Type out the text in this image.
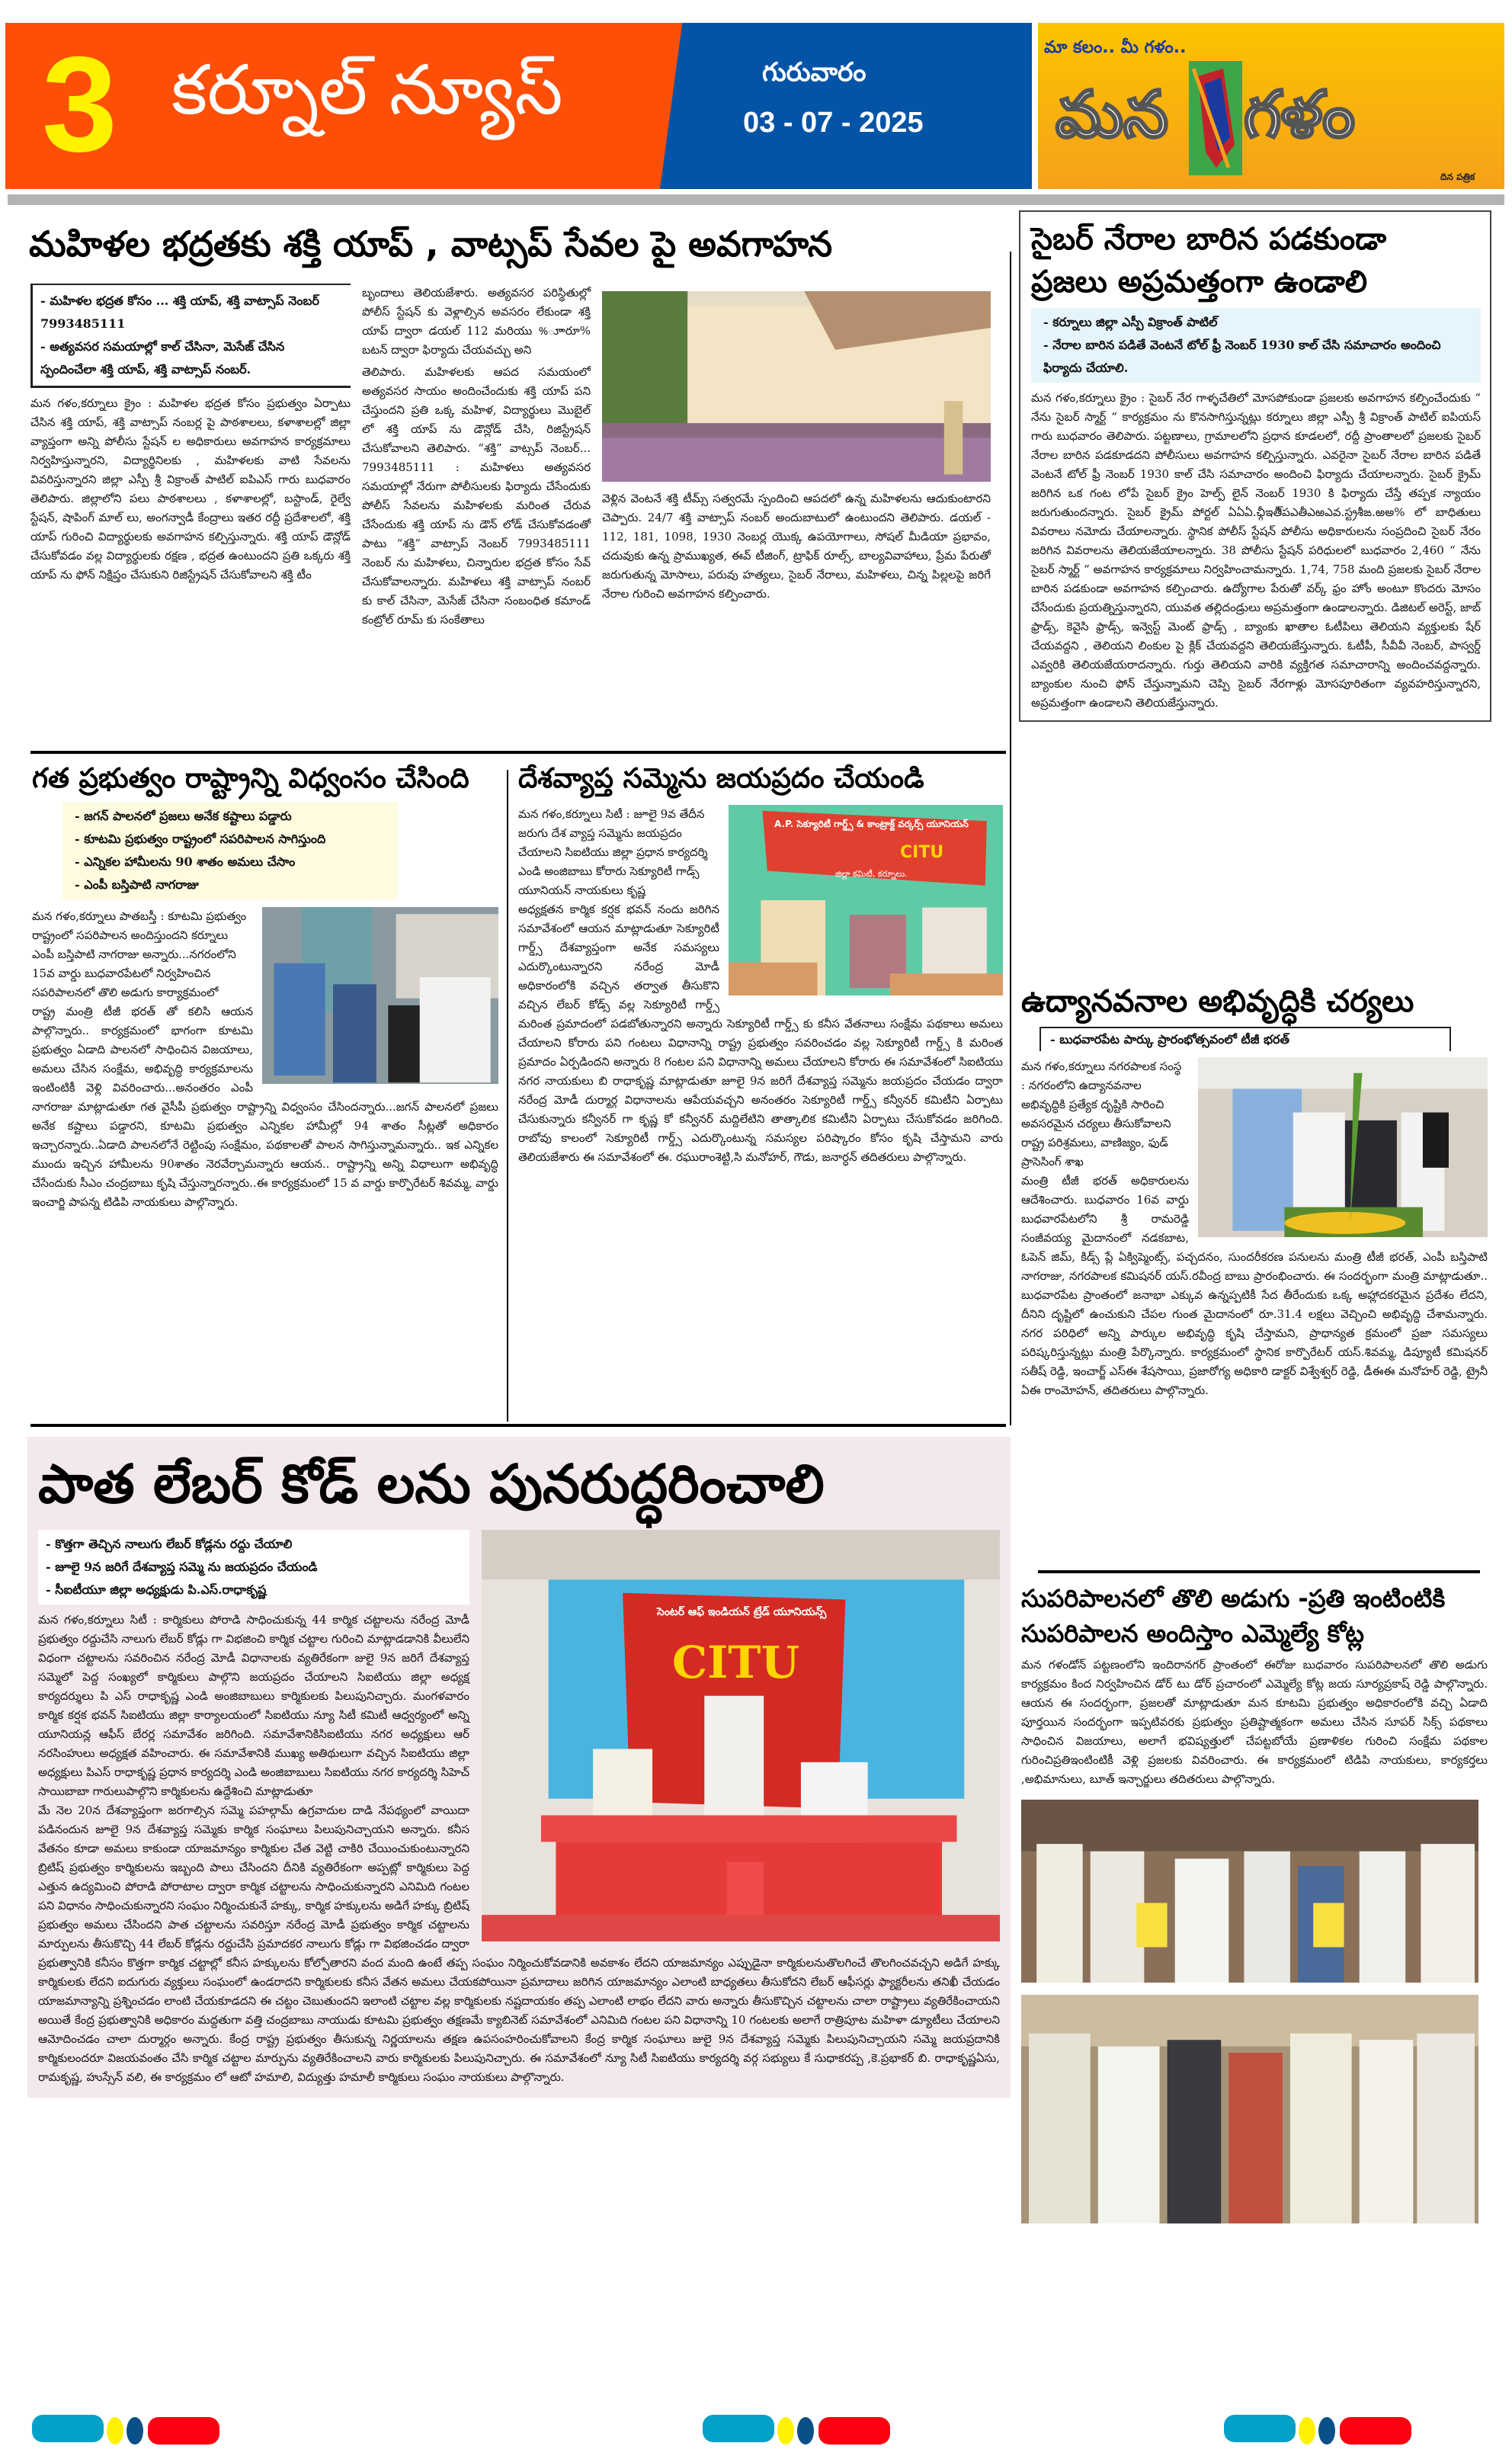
3 కర్నూల్ న్యూస్	గురువారం
03 - 07 - 2025
మా కలం.. మీ గళం..
మన గళం
దిన పత్రిక
మహిళల భద్రతకు శక్తి యాప్ , వాట్సప్ సేవల పై అవగాహన
- మహిళల భద్రత కోసం ... శక్తి యాప్, శక్తి వాట్సాప్ నెంబర్ 7993485111
- అత్యవసర సమయాల్లో కాల్ చేసినా, మెసేజ్ చేసిన స్పందించేలా శక్తి యాప్, శక్తి వాట్సాప్ నంబర్.
మన గళం,కర్నూలు క్రైం : మహిళల భద్రత కోసం ప్రభుత్వం ఏర్పాటు చేసిన శక్తి యాప్, శక్తి వాట్సాప్ నంబర్ల పై పాఠశాలలు, కళాశాలల్లో జిల్లా వ్యాప్తంగా అన్ని పోలీసు స్టేషన్ ల అధికారులు అవగాహన కార్యక్రమాలు నిర్వహిస్తున్నారని, విద్యార్థినిలకు , మహిళలకు వాటి సేవలను వివరిస్తున్నారని జిల్లా ఎస్పీ శ్రీ విక్రాంత్ పాటిల్ ఐపిఎస్ గారు బుధవారం తెలిపారు. జిల్లాలోని పలు పాఠశాలలు , కళాశాలల్లో, బస్టాండ్, రైల్వే స్టేషన్, షాపింగ్ మాల్ లు, అంగన్వాడీ కేంద్రాలు ఇతర రద్దీ ప్రదేశాలలో, శక్తి యాప్ గురించి విద్యార్థులకు అవగాహన కల్పిస్తున్నారు. శక్తి యాప్ డౌన్లోడ్ చేసుకోవడం వల్ల విద్యార్థులకు రక్షణ , భద్రత ఉంటుందని ప్రతి ఒక్కరు శక్తి యాప్ ను ఫోన్ నిక్షిప్తం చేసుకుని రిజిస్ట్రేషన్ చేసుకోవాలని శక్తి టీం
బృందాలు తెలియజేశారు. అత్యవసర పరిస్థితుల్లో పోలీస్ స్టేషన్ కు వెళ్లాల్సిన అవసరం లేకుండా శక్తి యాప్ ద్వారా డయల్ 112 మరియు %ూారూ% బటన్ ద్వారా ఫిర్యాదు చేయవచ్చు అని
తెలిపారు. మహిళలకు ఆపద సమయంలో అత్యవసర సాయం అందించేందుకు శక్తి యాప్ పని చేస్తుందని ప్రతి ఒక్క మహిళ, విద్యార్థులు మొబైల్ లో శక్తి యాప్ ను డౌన్లోడ్ చేసి, రిజిస్ట్రేషన్ చేసుకోవాలని తెలిపారు. “శక్తి” వాట్సప్ నెంబర్... 7993485111 : మహిళలు అత్యవసర సమయాల్లో నేరుగా పోలీసులకు ఫిర్యాదు చేసేందుకు పోలీస్ సేవలను మహిళలకు మరింత చేరువ చేసేందుకు శక్తి యాప్ ను డౌన్ లోడ్ చేసుకోవడంతో పాటు “శక్తి” వాట్సాప్ నెంబర్ 7993485111 నెంబర్ ను మహిళలు, చిన్నారుల భద్రత కోసం సేవ్ చేసుకోవాలన్నారు. మహిళలు శక్తి వాట్సాప్ నంబర్ కు కాల్ చేసినా, మెసేజ్ చేసినా సంబంధిత కమాండ్ కంట్రోల్ రూమ్ కు సంకేతాలు
వెళ్లిన వెంటనే శక్తి టీమ్స్ సత్వరమే స్పందించి ఆపదలో ఉన్న మహిళలను ఆదుకుంటారని చెప్పారు. 24/7 శక్తి వాట్సాప్ నంబర్ అందుబాటులో ఉంటుందని తెలిపారు. డయల్ - 112, 181, 1098, 1930 నెంబర్ల యొక్క ఉపయోగాలు, సోషల్ మీడియా ప్రభావం, చదువుకు ఉన్న ప్రాముఖ్యత, ఈవ్ టీజింగ్, ట్రాఫిక్ రూల్స్, బాల్యవివాహాలు, ప్రేమ పేరుతో జరుగుతున్న మోసాలు, పరువు హత్యలు, సైబర్ నేరాలు, మహిళలు, చిన్న పిల్లలపై జరిగే నేరాల గురించి అవగాహన కల్పించారు.
సైబర్ నేరాల బారిన పడకుండా
ప్రజలు అప్రమత్తంగా ఉండాలి
- కర్నూలు జిల్లా ఎస్పీ విక్రాంత్ పాటిల్
- నేరాల బారిన పడితే వెంటనే టోల్ ఫ్రీ నెంబర్ 1930 కాల్ చేసి సమాచారం అందించి ఫిర్యాదు చేయాలి.
మన గళం,కర్నూలు క్రైం : సైబర్ నేర గాళ్ళచేతిలో మోసపోకుండా ప్రజలకు అవగాహన కల్పించేందుకు “ నేను సైబర్ స్మార్ట్ “ కార్యక్రమం ను కొనసాగిస్తున్నట్లు కర్నూలు జిల్లా ఎస్పీ శ్రీ విక్రాంత్ పాటిల్ ఐపియస్ గారు బుధవారం తెలిపారు. పట్టణాలు, గ్రామాలలోని ప్రధాన కూడలలో, రద్దీ ప్రాంతాలలో ప్రజలకు సైబర్ నేరాల బారిన పడకూడదని పోలీసులు అవగాహన కల్పిస్తున్నారు. ఎవరైనా సైబర్ నేరాల బారిన పడితే వెంటనే టోల్ ఫ్రీ నెంబర్ 1930 కాల్ చేసి సమాచారం అందించి ఫిర్యాదు చేయాలన్నారు. సైబర్ క్రైమ్ జరిగిన ఒక గంట లోపే సైబర్ క్రైం హెల్ప్ లైన్ నెంబర్ 1930 కి ఫిర్యాదు చేస్తే తప్పక న్యాయం జరుగుతుందన్నారు. సైబర్ క్రైమ్ పోర్టల్ ఏఏఏ.ఛ్గీఇతీ్పఎతీఎఱఎవ.స్ట్రశీఙ.ఱఅ% లో బాధితులు వివరాలు నమోదు చేయాలన్నారు. స్థానిక పోలీస్ స్టేషన్ పోలీసు అధికారులను సంప్రదించి సైబర్ నేరం జరిగిన వివరాలను తెలియజేయాలన్నారు. 38 పోలీసు స్టేషన్ పరిధులలో బుధవారం 2,460 “ నేను సైబర్ స్మార్ట్ “ అవగాహన కార్యక్రమాలు నిర్వహించామన్నారు. 1,74, 758 మంది ప్రజలకు సైబర్ నేరాల బారిన పడకుండా అవగాహన కల్పించారు. ఉద్యోగాల పేరుతో వర్క్ ఫ్రం హోం అంటూ కొందరు మోసం చేసేందుకు ప్రయత్నిస్తున్నారని, యువత తల్లిదండ్రులు అప్రమత్తంగా ఉండాలన్నారు. డిజిటల్ అరెస్ట్, జాబ్ ఫ్రాడ్స్, కెవైసి ఫ్రాడ్స్, ఇన్వెస్ట్ మెంట్ ఫ్రాడ్స్ , బ్యాంకు ఖాతాల ఓటీపిలు తెలియని వ్యక్తులకు షేర్ చేయవద్దని , తెలియని లింకుల పై క్లిక్ చేయవద్దని తెలియజేస్తున్నారు. ఓటీపీ, సీవీవీ నెంబర్, పాస్వర్డ్ ఎవ్వరికి తెలియజేయరాదన్నారు. గుర్తు తెలియని వారికి వ్యక్తిగత సమాచారాన్ని అందించవద్దన్నారు. బ్యాంకుల నుంచి ఫోన్ చేస్తున్నామని చెప్పి సైబర్ నేరగాళ్లు మోసపూరితంగా వ్యవహరిస్తున్నారని, అప్రమత్తంగా ఉండాలని తెలియజేస్తున్నారు.
గత ప్రభుత్వం రాష్ట్రాన్ని విధ్వంసం చేసింది
- జగన్ పాలనలో ప్రజలు అనేక కష్టాలు పడ్డారు
- కూటమి ప్రభుత్వం రాష్ట్రంలో సపరిపాలన సాగిస్తుంది
- ఎన్నికల హామీలను 90 శాతం అమలు చేసాం
- ఎంపీ బస్తిపాటి నాగరాజు
మన గళం,కర్నూలు పాతబస్తీ : కూటమి ప్రభుత్వం రాష్ట్రంలో సపరిపాలన అందిస్తుందని కర్నూలు ఎంపీ బస్తిపాటి నాగరాజు అన్నారు...నగరంలోని 15వ వార్డు బుధవారపేటలో నిర్వహించిన సపరిపాలనలో తొలి అడుగు కార్యాక్రమంలో
రాష్ట్ర మంత్రి టీజీ భరత్ తో కలిసి ఆయన పాల్గొన్నారు.. కార్యక్రమంలో భాగంగా కూటమి ప్రభుత్వం ఏడాది పాలనలో సాధించిన విజయాలు, అమలు చేసిన సంక్షేమ, అభివృద్ధి కార్యక్రమాలను ఇంటింటికీ వెళ్లి వివరించారు...అనంతరం ఎంపీ నాగరాజు మాట్లాడుతూ గత వైసీపీ ప్రభుత్వం రాష్ట్రాన్ని విధ్వంసం చేసిందన్నారు...జగన్ పాలనలో ప్రజలు అనేక కష్టాలు పడ్డారని, కూటమి ప్రభుత్వం ఎన్నికల హామీల్లో 94 శాతం సీట్లతో అధికారం ఇచ్చారన్నారు..ఏడాది పాలనలోనే రెట్టింపు సంక్షేమం, పథకాలతో పాలన సాగిస్తున్నామన్నారు.. ఇక ఎన్నికల ముందు ఇచ్చిన హామీలను 90శాతం నెరవేర్చామన్నారు ఆయన.. రాష్ట్రాన్ని అన్ని విధాలుగా అభివృద్ధి చేసేందుకు సీఎం చంద్రబాబు కృషి చేస్తున్నారన్నారు..ఈ కార్యక్రమంలో 15 వ వార్డు కార్పొరేటర్ శివమ్మ, వార్డు ఇంచార్జి పాపన్న టిడిపి నాయకులు పాల్గొన్నారు.
దేశవ్యాప్త సమ్మెను జయప్రదం చేయండి
A.P. సెక్యూరిటీ గార్డ్స్ & కాంట్రాక్ట్ వర్కర్స్ యూనియన్
CITU
జిల్లా కమిటీ, కర్నూలు.
మన గళం,కర్నూలు సిటీ : జూలై 9వ తేదీన జరుగు దేశ వ్యాప్త సమ్మెను జయప్రదం చేయాలని సిఐటియు జిల్లా ప్రధాన కార్యదర్శి ఎండి అంజిబాబు కోరారు సెక్యూరిటీ గాడ్స్ యూనియన్ నాయకులు కృష్ణ
అధ్యక్షతన కార్మిక కర్షక భవన్ నందు జరిగిన సమావేశంలో ఆయన మాట్లాడుతూ సెక్యూరిటీ గార్డ్స్ దేశవ్యాప్తంగా అనేక సమస్యలు ఎదుర్కొంటున్నారని నరేంద్ర మోడీ అధికారంలోకి వచ్చిన తర్వాత తీసుకొని వచ్చిన లేబర్ కోడ్స్ వల్ల సెక్యూరిటీ గార్డ్స్ మరింత ప్రమాదంలో పడబోతున్నారని అన్నారు సెక్యూరిటీ గార్డ్స్ కు కనీస వేతనాలు సంక్షేమ పథకాలు అమలు చేయాలని కోరారు పని గంటలు విధానాన్ని రాష్ట్ర ప్రభుత్వం సవరించడం వల్ల సెక్యూరిటీ గార్డ్స్ కి మరింత ప్రమాదం ఏర్పడిందని అన్నారు 8 గంటల పని విధానాన్ని అమలు చేయాలని కోరారు ఈ సమావేశంలో సిఐటియు నగర నాయకులు బి రాధాకృష్ణ మాట్లాడుతూ జూలై 9న జరిగే దేశవ్యాప్త సమ్మెను జయప్రదం చేయడం ద్వారా నరేంద్ర మోడీ దుర్మార్గ విధానాలను ఆపేయవచ్చని అనంతరం సెక్యూరిటీ గార్డ్స్ కన్వీనర్ కమిటీని ఏర్పాటు చేసుకున్నారు కన్వీనర్ గా కృష్ణ కో కన్వీనర్ మద్దిలేటిని తాత్కాలిక కమిటీని ఏర్పాటు చేసుకోవడం జరిగింది. రాబోవు కాలంలో సెక్యూరిటీ గార్డ్స్ ఎదుర్కొంటున్న సమస్యల పరిష్కారం కోసం కృషి చేస్తామని వారు తెలియజేశారు ఈ సమావేశంలో ఈ. రఘురాంశెట్టి,సి మనోహర్, గౌడు, జనార్ధన్ తదితరులు పాల్గొన్నారు.
ఉద్యానవనాల అభివృద్ధికి చర్యలు
- బుధవారపేట పార్కు ప్రారంభోత్సవంలో టీజీ భరత్
మన గళం,కర్నూలు నగరపాలక సంస్థ : నగరంలోని ఉద్యానవనాల అభివృద్ధికి ప్రత్యేక దృష్టికి సారించి అవసరమైన చర్యలు తీసుకోవాలని రాష్ట్ర పరిశ్రమలు, వాణిజ్యం, ఫుడ్ ప్రాసెసింగ్ శాఖ
మంత్రి టీజీ భరత్ అధికారులను ఆదేశించారు. బుధవారం 16వ వార్డు బుధవారపేటలోని శ్రీ రామరెడ్డి సంజీవయ్య మైదానంలో నడకబాట, ఓపెన్ జిమ్, కిడ్స్ ప్లే ఏక్విప్మెంట్స్, పచ్చదనం, సుందరీకరణ పనులను మంత్రి టీజీ భరత్, ఎంపీ బస్తిపాటి నాగరాజు, నగరపాలక కమిషనర్ యస్.రవీంద్ర బాబు ప్రారంభించారు. ఈ సందర్భంగా మంత్రి మాట్లాడుతూ.. బుధవారపేట ప్రాంతంలో జనాభా ఎక్కువ ఉన్నప్పటికీ సేద తీరేందుకు ఒక్క అహ్లాదకరమైన ప్రదేశం లేదని, దీనిని దృష్టిలో ఉంచుకుని చేపల గుంత మైదానంలో రూ.31.4 లక్షలు వెచ్చించి అభివృద్ధి చేశామన్నారు. నగర పరిధిలో అన్ని పార్కుల అభివృద్ధి కృషి చేస్తామని, ప్రాధాన్యత క్రమంలో ప్రజా సమస్యలు పరిష్కరిస్తున్నట్లు మంత్రి పేర్కొన్నారు. కార్యక్రమంలో స్థానిక కార్పొరేటర్ యస్.శివమ్మ, డిప్యూటీ కమిషనర్ సతీష్ రెడ్డి, ఇంచార్జ్ ఎస్ఈ శేషసాయి, ప్రజారోగ్య అధికారి డాక్టర్ విశ్వేశ్వర్ రెడ్డి, డీఈఈ మనోహర్ రెడ్డి, ట్రైనీ ఏఈ రాంమోహన్, తదితరులు పాల్గొన్నారు.
పాత లేబర్ కోడ్ లను పునరుద్ధరించాలి
సెంటర్ ఆఫ్ ఇండియన్ ట్రేడ్ యూనియన్స్
CITU
- కొత్తగా తెచ్చిన నాలుగు లేబర్ కోడ్లను రద్దు చేయాలి
- జూలై 9న జరిగే దేశవ్యాప్త సమ్మె ను జయప్రదం చేయండి
- సీఐటీయూ జిల్లా అధ్యక్షుడు పి.ఎస్.రాధాకృష్ణ
మన గళం,కర్నూలు సిటీ : కార్మికులు పోరాడి సాధించుకున్న 44 కార్మిక చట్టాలను నరేంద్ర మోడీ ప్రభుత్వం రద్దుచేసి నాలుగు లేబర్ కోడ్లు గా విభజించి కార్మిక చట్టాల గురించి మాట్లాడడానికి వీలులేని విధంగా చట్టాలను సవరించిన నరేంద్ర మోడీ విధానాలకు వ్యతిరేకంగా జులై 9న జరిగే దేశవ్యాప్త సమ్మెలో పెద్ద సంఖ్యలో కార్మికులు పాల్గొని జయప్రదం చేయాలని సిఐటియు జిల్లా అధ్యక్ష కార్యదర్శులు పి ఎస్ రాధాకృష్ణ ఎండి అంజిబాబులు కార్మికులకు పిలుపునిచ్చారు. మంగళవారం కార్మిక కర్షక భవన్ సిఐటియు జిల్లా కార్యాలయంలో సిఐటియు న్యూ సిటీ కమిటీ ఆధ్వర్యంలో అన్ని యూనియన్ల ఆఫీస్ బేరర్ల సమావేశం జరిగింది. సమావేశానికిసిఐటియు నగర అధ్యక్షులు ఆర్ నరసింహులు అధ్యక్షత వహించారు. ఈ సమావేశానికి ముఖ్య అతిథులుగా వచ్చిన సిఐటియు జిల్లా అధ్యక్షులు పిఎస్ రాధాకృష్ణ ప్రధాన కార్యదర్శి ఎండి అంజిబాబులు సిఐటియు నగర కార్యదర్శి సిహెచ్ సాయిబాబా గారులుపాల్గొని కార్మికులను ఉద్దేశించి మాట్లాడుతూ
మే నెల 20న దేశవ్యాప్తంగా జరగాల్సిన సమ్మె పహల్గామ్ ఉగ్రవాదుల దాడి నేపథ్యంలో వాయిదా పడినందున జూలై 9న దేశవ్యాప్త సమ్మెకు కార్మిక సంఘాలు పిలుపునిచ్చాయని అన్నారు. కనీస వేతనం కూడా అమలు కాకుండా యాజమాన్యం కార్మికుల చేత వెట్టి చాకిరి చేయించుకుంటున్నారని బ్రిటిష్ ప్రభుత్వం కార్మికులను ఇబ్బంది పాలు చేసిందని దీనికి వ్యతిరేకంగా అప్పట్లో కార్మికులు పెద్ద ఎత్తున ఉద్యమించి పోరాడి పోరాటాల ద్వారా కార్మిక చట్టాలను సాధించుకున్నారని ఎనిమిది గంటల పని విధానం సాధించుకున్నారని సంఘం నిర్మించుకునే హక్కు, కార్మిక హక్కులను అడిగే హక్కు బ్రిటిష్ ప్రభుత్వం అమలు చేసిందని పాత చట్టాలను సవరిస్తూ నరేంద్ర మోడీ ప్రభుత్వం కార్మిక చట్టాలను మార్పులను తీసుకొచ్చి 44 లేబర్ కోడ్లను రద్దుచేసి ప్రమాదకర నాలుగు కోడ్లు గా విభజించడం ద్వారా ప్రభుత్వానికి కనీసం కొత్తగా కార్మిక చట్టాల్లో కనీస హక్కులను కోల్పోతారని వంద మంది ఉంటే తప్ప సంఘం నిర్మించుకోవడానికి అవకాశం లేదని యాజమాన్యం ఎప్పుడైనా కార్మికులనుతొలగించే తొలగించవచ్చని అడిగే హక్కు కార్మికులకు లేదని ఐదుగురు వ్యక్తులు సంఘంలో ఉండరాదని కార్మికులకు కనీస వేతన అమలు చేయకపోయినా ప్రమాదాలు జరిగిన యాజమాన్యం ఎలాంటి బాధ్యతలు తీసుకోదని లేబర్ ఆఫీసర్లు ఫ్యాక్టరీలను తనిఖీ చేయడం యాజమాన్యాన్ని ప్రశ్నించడం లాంటి చేయకూడదని ఈ చట్టం చెబుతుందని ఇలాంటి చట్టాల వల్ల కార్మికులకు నష్టదాయకం తప్ప ఎలాంటి లాభం లేదని వారు అన్నారు తీసుకొచ్చిన చట్టాలను చాలా రాష్ట్రాలు వ్యతిరేకించాయని అయితే కేంద్ర ప్రభుత్వానికి అధికారం మద్దతుగా వత్తి చంద్రబాబు నాయుడు కూటమి ప్రభుత్వం తక్షణమే క్యాబినెట్ సమావేశంలో ఎనిమిది గంటల పని విధానాన్ని 10 గంటలకు అలాగే రాత్రిపూట మహిళా డ్యూటీలు చేయాలని ఆమోదించడం చాలా దుర్మార్గం అన్నారు. కేంద్ర రాష్ట్ర ప్రభుత్వం తీసుకున్న నిర్ణయాలను తక్షణ ఉపసంహరించుకోవాలని కేంద్ర కార్మిక సంఘాలు జులై 9న దేశవ్యాప్త సమ్మెకు పిలుపునిచ్చాయని సమ్మె జయప్రదానికి కార్మికులందరూ విజయవంతం చేసి కార్మిక చట్టాల మార్పును వ్యతిరేకించాలని వారు కార్మికులకు పిలుపునిచ్చారు. ఈ సమావేశంలో న్యూ సిటీ సిఐటియు కార్యదర్శి వర్గ సభ్యులు కే సుధాకరప్ప ,కె.ప్రభాకర్ బి. రాధాకృష్ణఏసు, రామకృష్ణ, హుస్సేన్ వలి, ఈ కార్యక్రమం లో ఆటో హమాలి, విద్యుత్తు హమాలీ కార్మికులు సంఘం నాయకులు పాల్గొన్నారు.
సుపరిపాలనలో తొలి అడుగు -ప్రతి ఇంటింటికి
సుపరిపాలన అందిస్తాం ఎమ్మెల్యే కోట్ల
మన గళండోన్ పట్టణంలోని ఇందిరానగర్ ప్రాంతంలో ఈరోజు బుధవారం సుపరిపాలనలో తొలి అడుగు కార్యక్రమం కింద నిర్వహించిన డోర్ టు డోర్ ప్రచారంలో ఎమ్మెల్యే కోట్ల జయ సూర్యప్రకాష్ రెడ్డి పాల్గొన్నారు. ఆయన ఈ సందర్భంగా, ప్రజలతో మాట్లాడుతూ మన కూటమి ప్రభుత్వం అధికారంలోకి వచ్చి ఏడాది పూర్తయిన సందర్భంగా ఇప్పటివరకు ప్రభుత్వం ప్రతిష్టాత్మకంగా అమలు చేసిన సూపర్ సిక్స్ పథకాలు సాధించిన విజయాలు, అలాగే భవిష్యత్తులో చేపట్టబోయే ప్రణాళికల గురించి సంక్షేమ పథకాల గురించిప్రతిఇంటింటికీ వెళ్లి ప్రజలకు వివరించారు. ఈ కార్యక్రమంలో టిడిపి నాయకులు, కార్యకర్తలు ,అభిమానులు, బూత్ ఇన్చార్జులు తదితరులు పాల్గొన్నారు.
